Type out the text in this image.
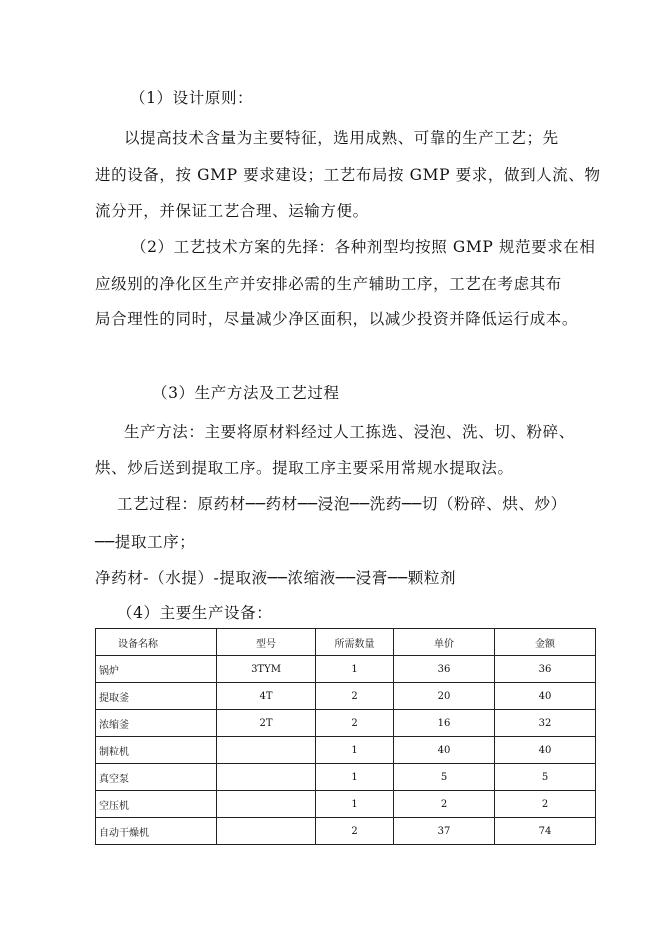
（1）设计原则：
以提高技术含量为主要特征，选用成熟、可靠的生产工艺；先
进的设备，按 GMP 要求建设；工艺布局按 GMP 要求，做到人流、物
流分开，并保证工艺合理、运输方便。
（2）工艺技术方案的先择：各种剂型均按照 GMP 规范要求在相
应级别的净化区生产并安排必需的生产辅助工序，工艺在考虑其布
局合理性的同时，尽量减少净区面积，以减少投资并降低运行成本。
（3）生产方法及工艺过程
生产方法：主要将原材料经过人工拣选、浸泡、洗、切、粉碎、
烘、炒后送到提取工序。提取工序主要采用常规水提取法。
工艺过程：原药材──药材──浸泡──洗药──切（粉碎、烘、炒）
──提取工序；
净药材-（水提）-提取液──浓缩液──浸膏──颗粒剂
（4）主要生产设备：
设备名称	型号	所需数量	单价	金额
锅炉	3TYM	1	36	36
提取釜	4T	2	20	40
浓缩釜	2T	2	16	32
制粒机		1	40	40
真空泵		1	5	5
空压机		1	2	2
自动干燥机		2	37	74
